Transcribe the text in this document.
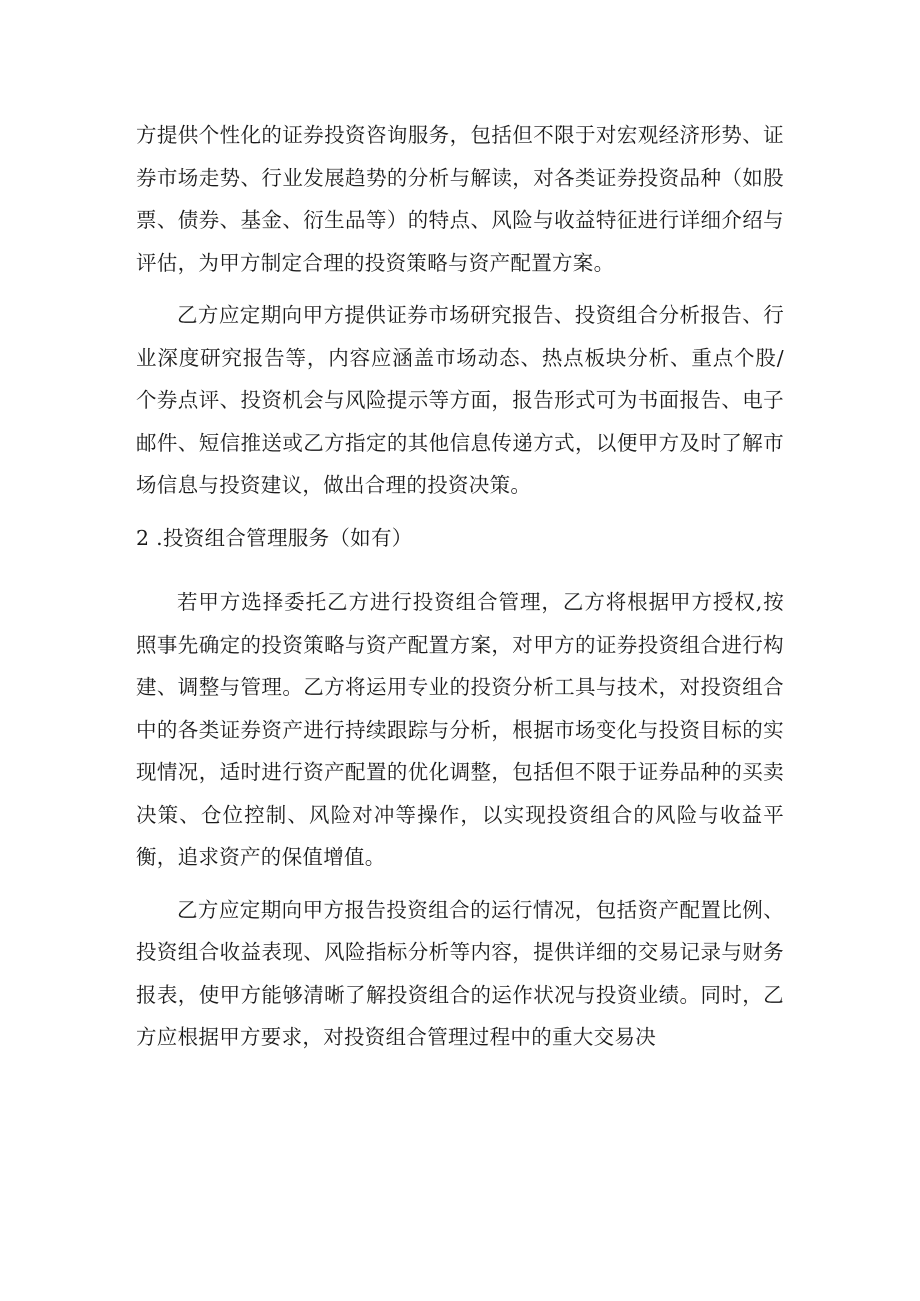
方提供个性化的证券投资咨询服务，包括但不限于对宏观经济形势、证券市场走势、行业发展趋势的分析与解读，对各类证券投资品种（如股票、债券、基金、衍生品等）的特点、风险与收益特征进行详细介绍与评估，为甲方制定合理的投资策略与资产配置方案。

乙方应定期向甲方提供证券市场研究报告、投资组合分析报告、行业深度研究报告等，内容应涵盖市场动态、热点板块分析、重点个股/个券点评、投资机会与风险提示等方面，报告形式可为书面报告、电子邮件、短信推送或乙方指定的其他信息传递方式，以便甲方及时了解市场信息与投资建议，做出合理的投资决策。

2 .投资组合管理服务（如有）

若甲方选择委托乙方进行投资组合管理，乙方将根据甲方授权,按照事先确定的投资策略与资产配置方案，对甲方的证券投资组合进行构建、调整与管理。乙方将运用专业的投资分析工具与技术，对投资组合中的各类证券资产进行持续跟踪与分析，根据市场变化与投资目标的实现情况，适时进行资产配置的优化调整，包括但不限于证券品种的买卖决策、仓位控制、风险对冲等操作，以实现投资组合的风险与收益平衡，追求资产的保值增值。

乙方应定期向甲方报告投资组合的运行情况，包括资产配置比例、投资组合收益表现、风险指标分析等内容，提供详细的交易记录与财务报表，使甲方能够清晰了解投资组合的运作状况与投资业绩。同时，乙方应根据甲方要求，对投资组合管理过程中的重大交易决
